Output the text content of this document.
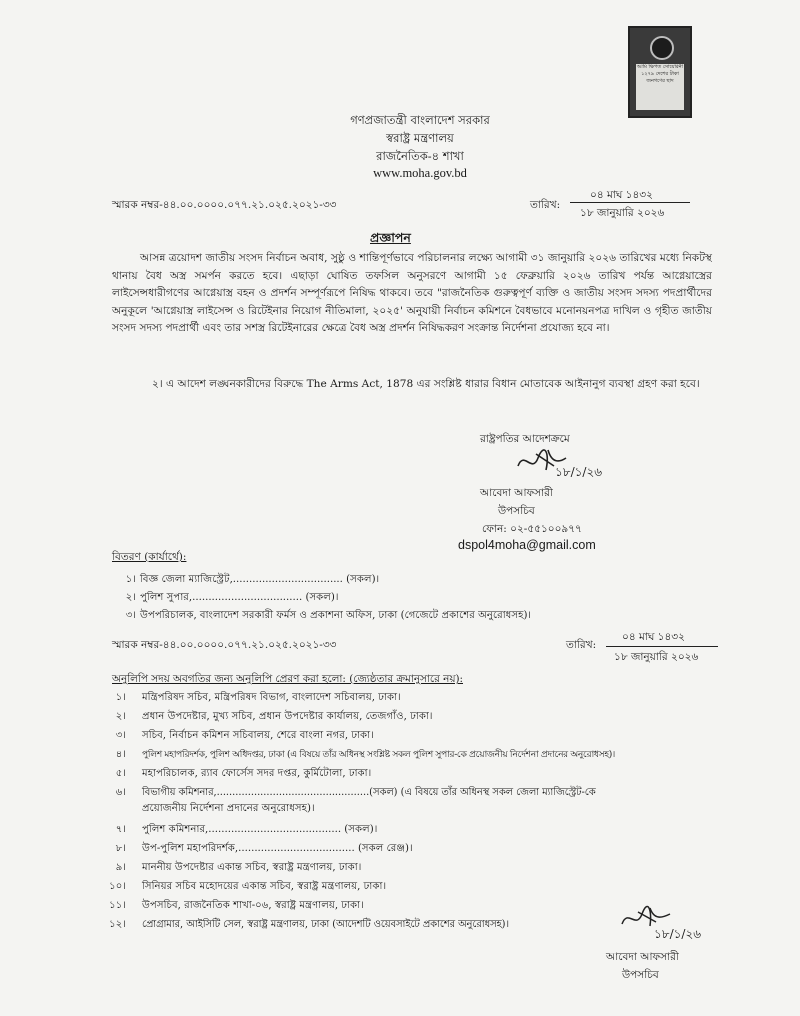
আমি ক্ষিপত সোয়েরিনী ১২৭৯ দেশের টাকা জনগণের ছাদ
গণপ্রজাতন্ত্রী বাংলাদেশ সরকার
স্বরাষ্ট্র মন্ত্রণালয়
রাজনৈতিক-৪ শাখা
www.moha.gov.bd
স্মারক নম্বর-৪৪.০০.০০০০.০৭৭.২১.০২৫.২০২১-৩৩	তারিখ:
০৪ মাঘ ১৪৩২
১৮ জানুয়ারি ২০২৬
প্রজ্ঞাপন
আসন্ন ত্রয়োদশ জাতীয় সংসদ নির্বাচন অবাধ, সুষ্ঠু ও শান্তিপূর্ণভাবে পরিচালনার লক্ষ্যে আগামী ৩১ জানুয়ারি ২০২৬ তারিখের মধ্যে নিকটস্থ থানায় বৈধ অস্ত্র সমর্পন করতে হবে। এছাড়া ঘোষিত তফসিল অনুসরণে আগামী ১৫ ফেব্রুয়ারি ২০২৬ তারিখ পর্যন্ত আগ্নেয়াস্ত্রের লাইসেন্সধারীগণের আগ্নেয়াস্ত্র বহন ও প্রদর্শন সম্পূর্ণরূপে নিষিদ্ধ থাকবে। তবে "রাজনৈতিক গুরুত্বপূর্ণ ব্যক্তি ও জাতীয় সংসদ সদস্য পদপ্রার্থীদের অনুকূলে 'আগ্নেয়াস্ত্র লাইসেন্স ও রিটেইনার নিয়োগ নীতিমালা, ২০২৫' অনুযায়ী নির্বাচন কমিশনে বৈধভাবে মনোনয়নপত্র দাখিল ও গৃহীত জাতীয় সংসদ সদস্য পদপ্রার্থী এবং তার সশস্ত্র রিটেইনারের ক্ষেত্রে বৈধ অস্ত্র প্রদর্শন নিষিদ্ধকরণ সংক্রান্ত নির্দেশনা প্রযোজ্য হবে না।
২। এ আদেশ লঙ্ঘনকারীদের বিরুদ্ধে The Arms Act, 1878 এর সংশ্লিষ্ট ধারার বিধান মোতাবেক আইনানুগ ব্যবস্থা গ্রহণ করা হবে।
রাষ্ট্রপতির আদেশক্রমে
১৮/১/২৬
আবেদা আফসারী
উপসচিব
ফোন: ০২-৫৫১০০৯৭৭
dspol4moha@gmail.com
বিতরণ (কার্যার্থে):
১। বিজ্ঞ জেলা ম্যাজিস্ট্রেট,.................................. (সকল)।
২। পুলিশ সুপার,.................................. (সকল)।
৩। উপপরিচালক, বাংলাদেশ সরকারী ফর্মস ও প্রকাশনা অফিস, ঢাকা (গেজেটে প্রকাশের অনুরোধসহ)।
স্মারক নম্বর-৪৪.০০.০০০০.০৭৭.২১.০২৫.২০২১-৩৩	তারিখ:
০৪ মাঘ ১৪৩২
১৮ জানুয়ারি ২০২৬
অনুলিপি সদয় অবগতির জন্য অনুলিপি প্রেরণ করা হলো: (জ্যেষ্ঠতার ক্রমানুসারে নয়):
১। মন্ত্রিপরিষদ সচিব, মন্ত্রিপরিষদ বিভাগ, বাংলাদেশ সচিবালয়, ঢাকা।
২। প্রধান উপদেষ্টার, মুখ্য সচিব, প্রধান উপদেষ্টার কার্যালয়, তেজগাঁও, ঢাকা।
৩। সচিব, নির্বাচন কমিশন সচিবালয়, শেরে বাংলা নগর, ঢাকা।
৪। পুলিশ মহাপরিদর্শক, পুলিশ অধিদপ্তর, ঢাকা (এ বিষয়ে তাঁর অধিনস্থ সংশ্লিষ্ট সকল পুলিশ সুপার-কে প্রয়োজনীয় নির্দেশনা প্রদানের অনুরোধসহ)।
৫। মহাপরিচালক, র‍্যাব ফোর্সেস সদর দপ্তর, কুর্মিটোলা, ঢাকা।
৬। বিভাগীয় কমিশনার,.................................................(সকল) (এ বিষয়ে তাঁর অধিনস্থ সকল জেলা ম্যাজিস্ট্রেট-কে
প্রয়োজনীয় নির্দেশনা প্রদানের অনুরোধসহ)।
৭। পুলিশ কমিশনার,......................................... (সকল)।
৮। উপ-পুলিশ মহাপরিদর্শক,.................................... (সকল রেঞ্জ)।
৯। মাননীয় উপদেষ্টার একান্ত সচিব, স্বরাষ্ট্র মন্ত্রণালয়, ঢাকা।
১০। সিনিয়র সচিব মহোদয়ের একান্ত সচিব, স্বরাষ্ট্র মন্ত্রণালয়, ঢাকা।
১১। উপসচিব, রাজনৈতিক শাখা-০৬, স্বরাষ্ট্র মন্ত্রণালয়, ঢাকা।
১২। প্রোগ্রামার, আইসিটি সেল, স্বরাষ্ট্র মন্ত্রণালয়, ঢাকা (আদেশটি ওয়েবসাইটে প্রকাশের অনুরোধসহ)।
১৮/১/২৬
আবেদা আফসারী
উপসচিব
